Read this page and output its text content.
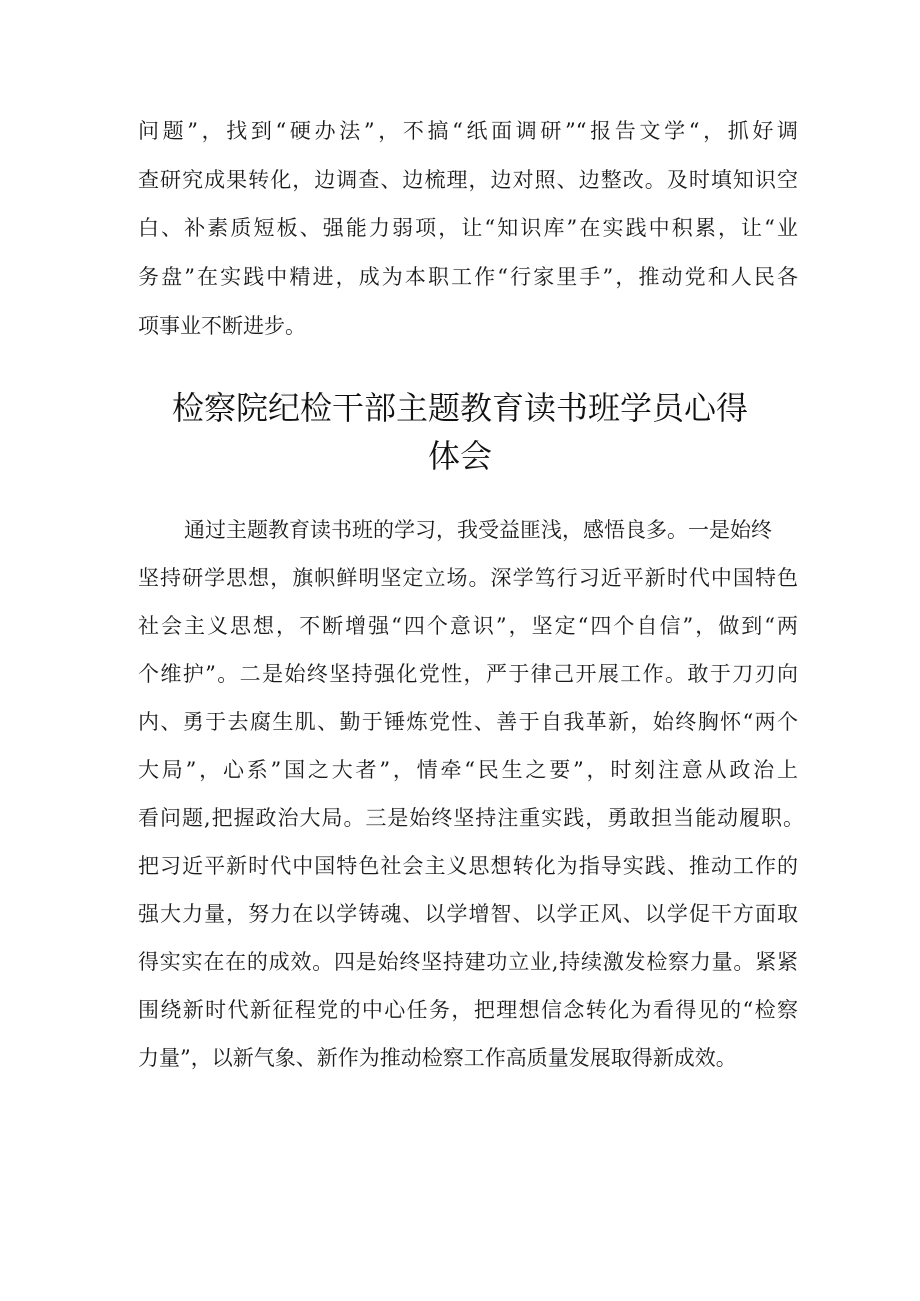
问题”，找到“硬办法”，不搞“纸面调研”“报告文学“，抓好调
查研究成果转化，边调查、边梳理，边对照、边整改。及时填知识空
白、补素质短板、强能力弱项，让“知识库”在实践中积累，让“业
务盘”在实践中精进，成为本职工作“行家里手”，推动党和人民各
项事业不断进步。
检察院纪检干部主题教育读书班学员心得
体会
通过主题教育读书班的学习，我受益匪浅，感悟良多。一是始终
坚持研学思想，旗帜鲜明坚定立场。深学笃行习近平新时代中国特色
社会主义思想，不断增强“四个意识”，坚定“四个自信”，做到“两
个维护”。二是始终坚持强化党性，严于律己开展工作。敢于刀刃向
内、勇于去腐生肌、勤于锤炼党性、善于自我革新，始终胸怀“两个
大局”，心系”国之大者”，情牵“民生之要”，时刻注意从政治上
看问题,把握政治大局。三是始终坚持注重实践，勇敢担当能动履职。
把习近平新时代中国特色社会主义思想转化为指导实践、推动工作的
强大力量，努力在以学铸魂、以学增智、以学正风、以学促干方面取
得实实在在的成效。四是始终坚持建功立业,持续激发检察力量。紧紧
围绕新时代新征程党的中心任务，把理想信念转化为看得见的“检察
力量”，以新气象、新作为推动检察工作高质量发展取得新成效。
